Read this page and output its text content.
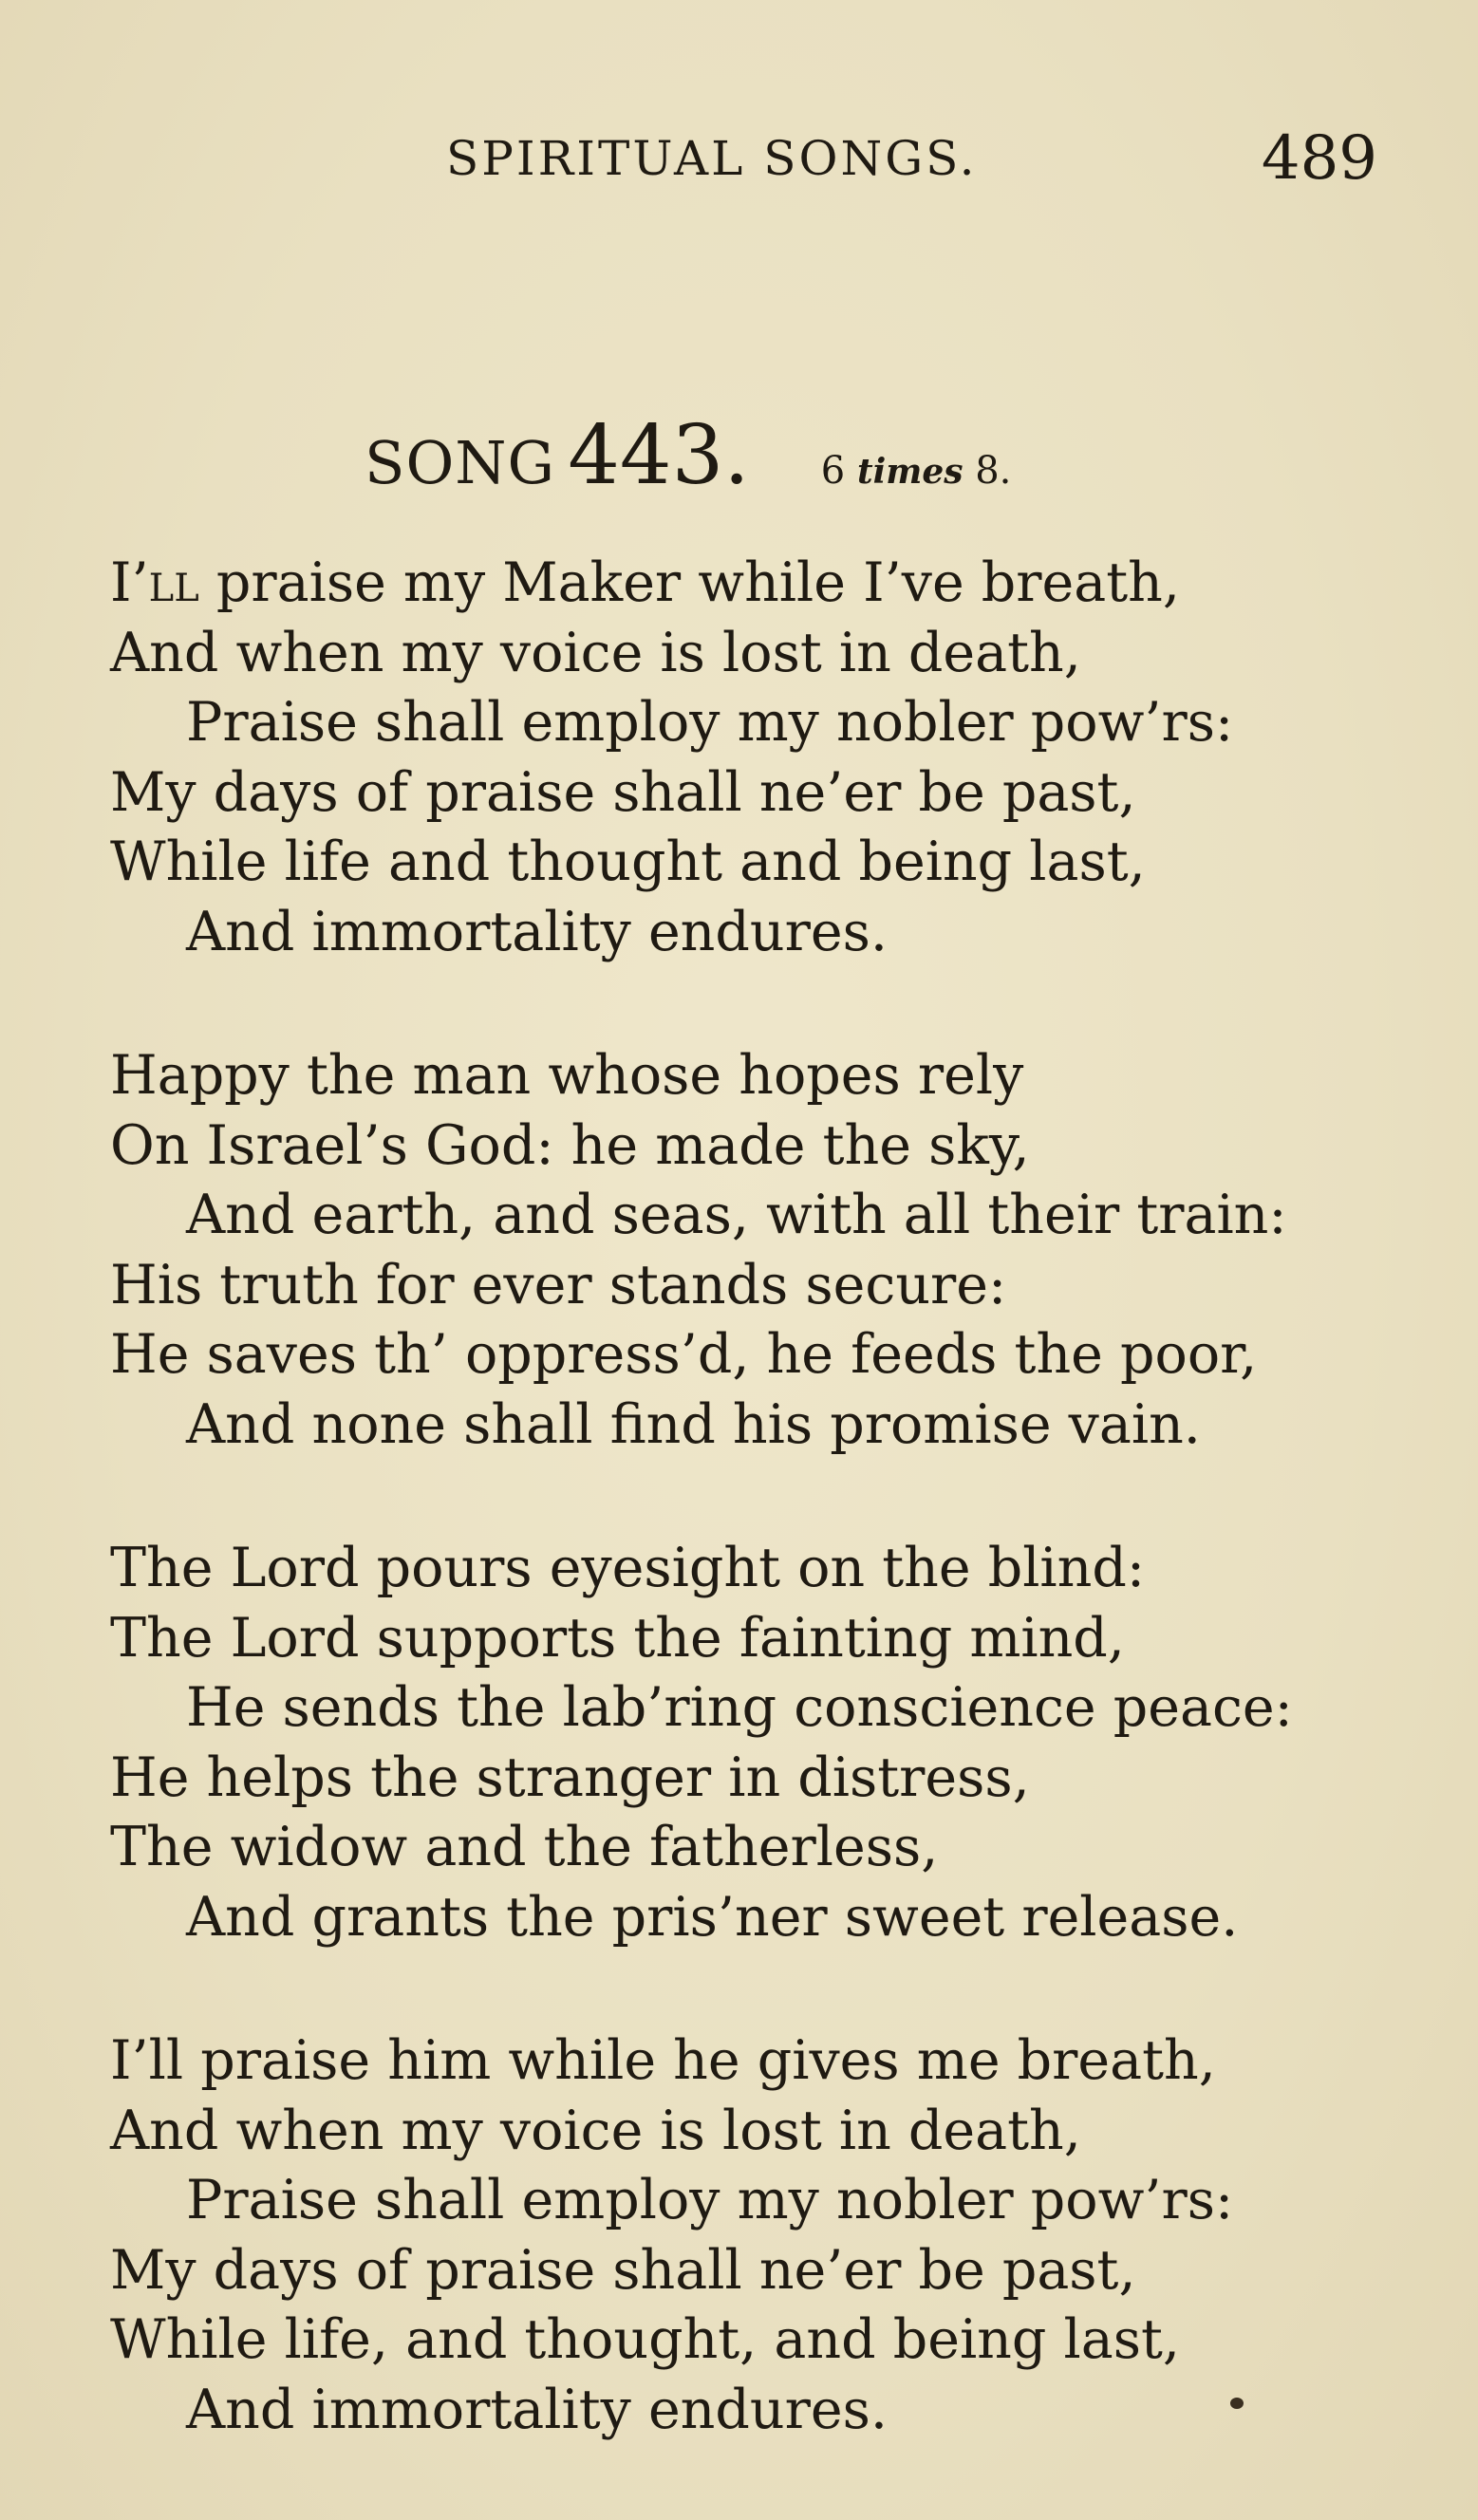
SPIRITUAL SONGS.	489
SONG 443. 6 times 8.
I’ll praise my Maker while I’ve breath,
And when my voice is lost in death,
Praise shall employ my nobler pow’rs:
My days of praise shall ne’er be past,
While life and thought and being last,
And immortality endures.
Happy the man whose hopes rely
On Israel’s God: he made the sky,
And earth, and seas, with all their train:
His truth for ever stands secure:
He saves th’ oppress’d, he feeds the poor,
And none shall find his promise vain.
The Lord pours eyesight on the blind:
The Lord supports the fainting mind,
He sends the lab’ring conscience peace:
He helps the stranger in distress,
The widow and the fatherless,
And grants the pris’ner sweet release.
I’ll praise him while he gives me breath,
And when my voice is lost in death,
Praise shall employ my nobler pow’rs:
My days of praise shall ne’er be past,
While life, and thought, and being last,
And immortality endures.
